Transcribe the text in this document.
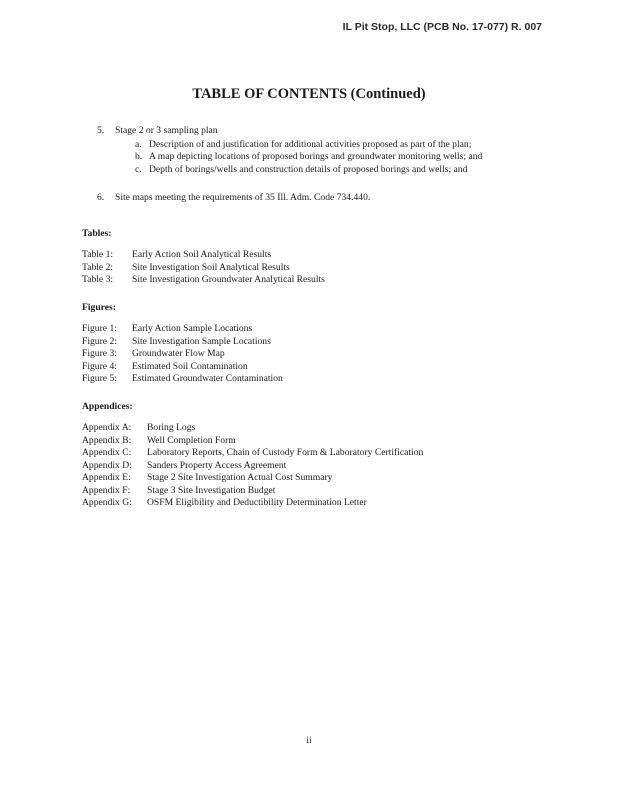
IL Pit Stop, LLC (PCB No. 17-077) R. 007
TABLE OF CONTENTS (Continued)
5.	Stage 2 or 3 sampling plan
a. Description of and justification for additional activities proposed as part of the plan;
b. A map depicting locations of proposed borings and groundwater monitoring wells; and
c. Depth of borings/wells and construction details of proposed borings and wells; and
6.	Site maps meeting the requirements of 35 Ill. Adm. Code 734.440.
Tables:
Table 1:	Early Action Soil Analytical Results
Table 2:	Site Investigation Soil Analytical Results
Table 3:	Site Investigation Groundwater Analytical Results
Figures:
Figure 1:	Early Action Sample Locations
Figure 2:	Site Investigation Sample Locations
Figure 3:	Groundwater Flow Map
Figure 4:	Estimated Soil Contamination
Figure 5:	Estimated Groundwater Contamination
Appendices:
Appendix A:	Boring Logs
Appendix B:	Well Completion Form
Appendix C:	Laboratory Reports, Chain of Custody Form & Laboratory Certification
Appendix D:	Sanders Property Access Agreement
Appendix E:	Stage 2 Site Investigation Actual Cost Summary
Appendix F:	Stage 3 Site Investigation Budget
Appendix G:	OSFM Eligibility and Deductibility Determination Letter
ii
